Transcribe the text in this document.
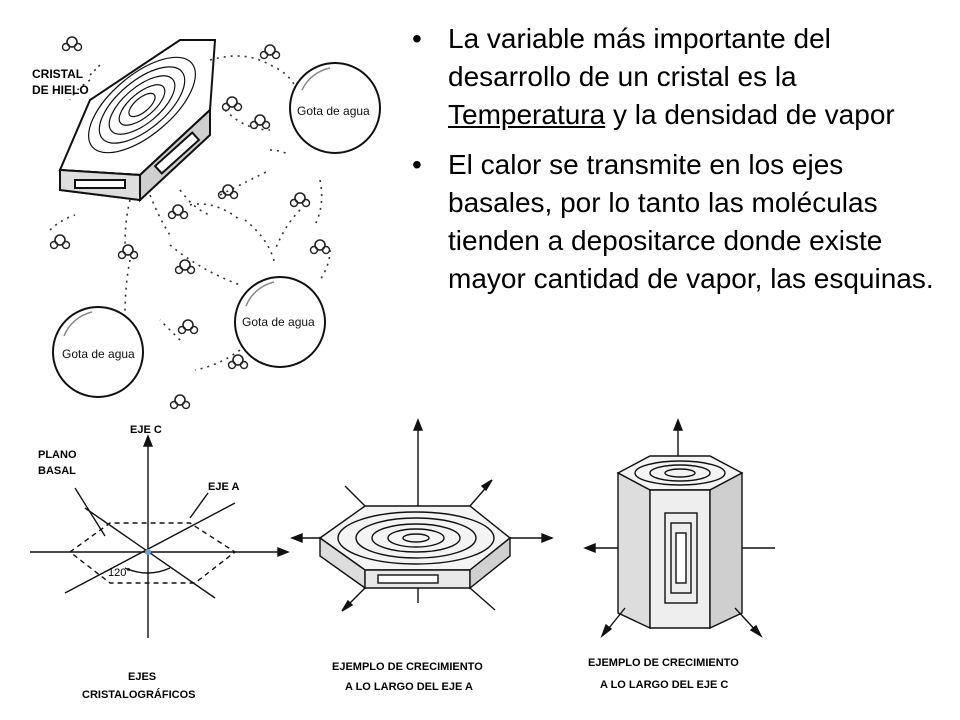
CRISTAL
DE HIELO
Gota de agua
Gota de agua
Gota de agua
• La variable más importante del desarrollo de un cristal es la Temperatura y la densidad de vapor
• El calor se transmite en los ejes basales, por lo tanto las moléculas tienden a depositarce donde existe mayor cantidad de vapor, las esquinas.
EJE C
PLANO
BASAL
EJE A
120°
EJES
CRISTALOGRÁFICOS
EJEMPLO DE CRECIMIENTO
A LO LARGO DEL EJE A
EJEMPLO DE CRECIMIENTO
A LO LARGO DEL EJE C
